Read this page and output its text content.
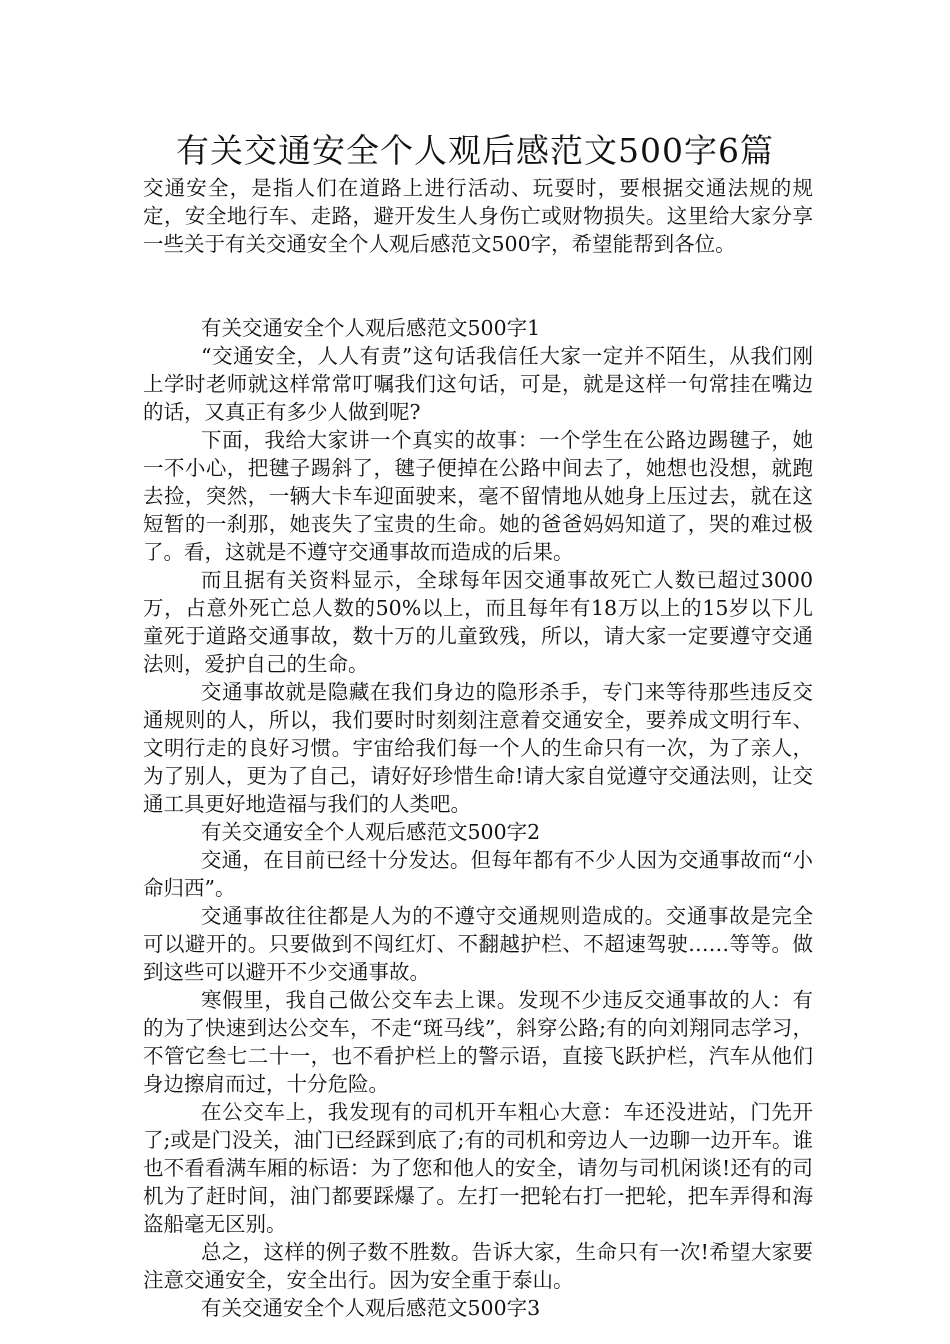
有关交通安全个人观后感范文500字6篇

交通安全，是指人们在道路上进行活动、玩耍时，要根据交通法规的规定，安全地行车、走路，避开发生人身伤亡或财物损失。这里给大家分享一些关于有关交通安全个人观后感范文500字，希望能帮到各位。

有关交通安全个人观后感范文500字1

“交通安全，人人有责”这句话我信任大家一定并不陌生，从我们刚上学时老师就这样常常叮嘱我们这句话，可是，就是这样一句常挂在嘴边的话，又真正有多少人做到呢?

下面，我给大家讲一个真实的故事：一个学生在公路边踢毽子，她一不小心，把毽子踢斜了，毽子便掉在公路中间去了，她想也没想，就跑去捡，突然，一辆大卡车迎面驶来，毫不留情地从她身上压过去，就在这短暂的一刹那，她丧失了宝贵的生命。她的爸爸妈妈知道了，哭的难过极了。看，这就是不遵守交通事故而造成的后果。

而且据有关资料显示，全球每年因交通事故死亡人数已超过3000万，占意外死亡总人数的50%以上，而且每年有18万以上的15岁以下儿童死于道路交通事故，数十万的儿童致残，所以，请大家一定要遵守交通法则，爱护自己的生命。

交通事故就是隐藏在我们身边的隐形杀手，专门来等待那些违反交通规则的人，所以，我们要时时刻刻注意着交通安全，要养成文明行车、文明行走的良好习惯。宇宙给我们每一个人的生命只有一次，为了亲人，为了别人，更为了自己，请好好珍惜生命!请大家自觉遵守交通法则，让交通工具更好地造福与我们的人类吧。

有关交通安全个人观后感范文500字2

交通，在目前已经十分发达。但每年都有不少人因为交通事故而“小命归西”。

交通事故往往都是人为的不遵守交通规则造成的。交通事故是完全可以避开的。只要做到不闯红灯、不翻越护栏、不超速驾驶……等等。做到这些可以避开不少交通事故。

寒假里，我自己做公交车去上课。发现不少违反交通事故的人：有的为了快速到达公交车，不走“斑马线”，斜穿公路;有的向刘翔同志学习，不管它叁七二十一，也不看护栏上的警示语，直接飞跃护栏，汽车从他们身边擦肩而过，十分危险。

在公交车上，我发现有的司机开车粗心大意：车还没进站，门先开了;或是门没关，油门已经踩到底了;有的司机和旁边人一边聊一边开车。谁也不看看满车厢的标语：为了您和他人的安全，请勿与司机闲谈!还有的司机为了赶时间，油门都要踩爆了。左打一把轮右打一把轮，把车弄得和海盗船毫无区别。

总之，这样的例子数不胜数。告诉大家，生命只有一次!希望大家要注意交通安全，安全出行。因为安全重于泰山。

有关交通安全个人观后感范文500字3
